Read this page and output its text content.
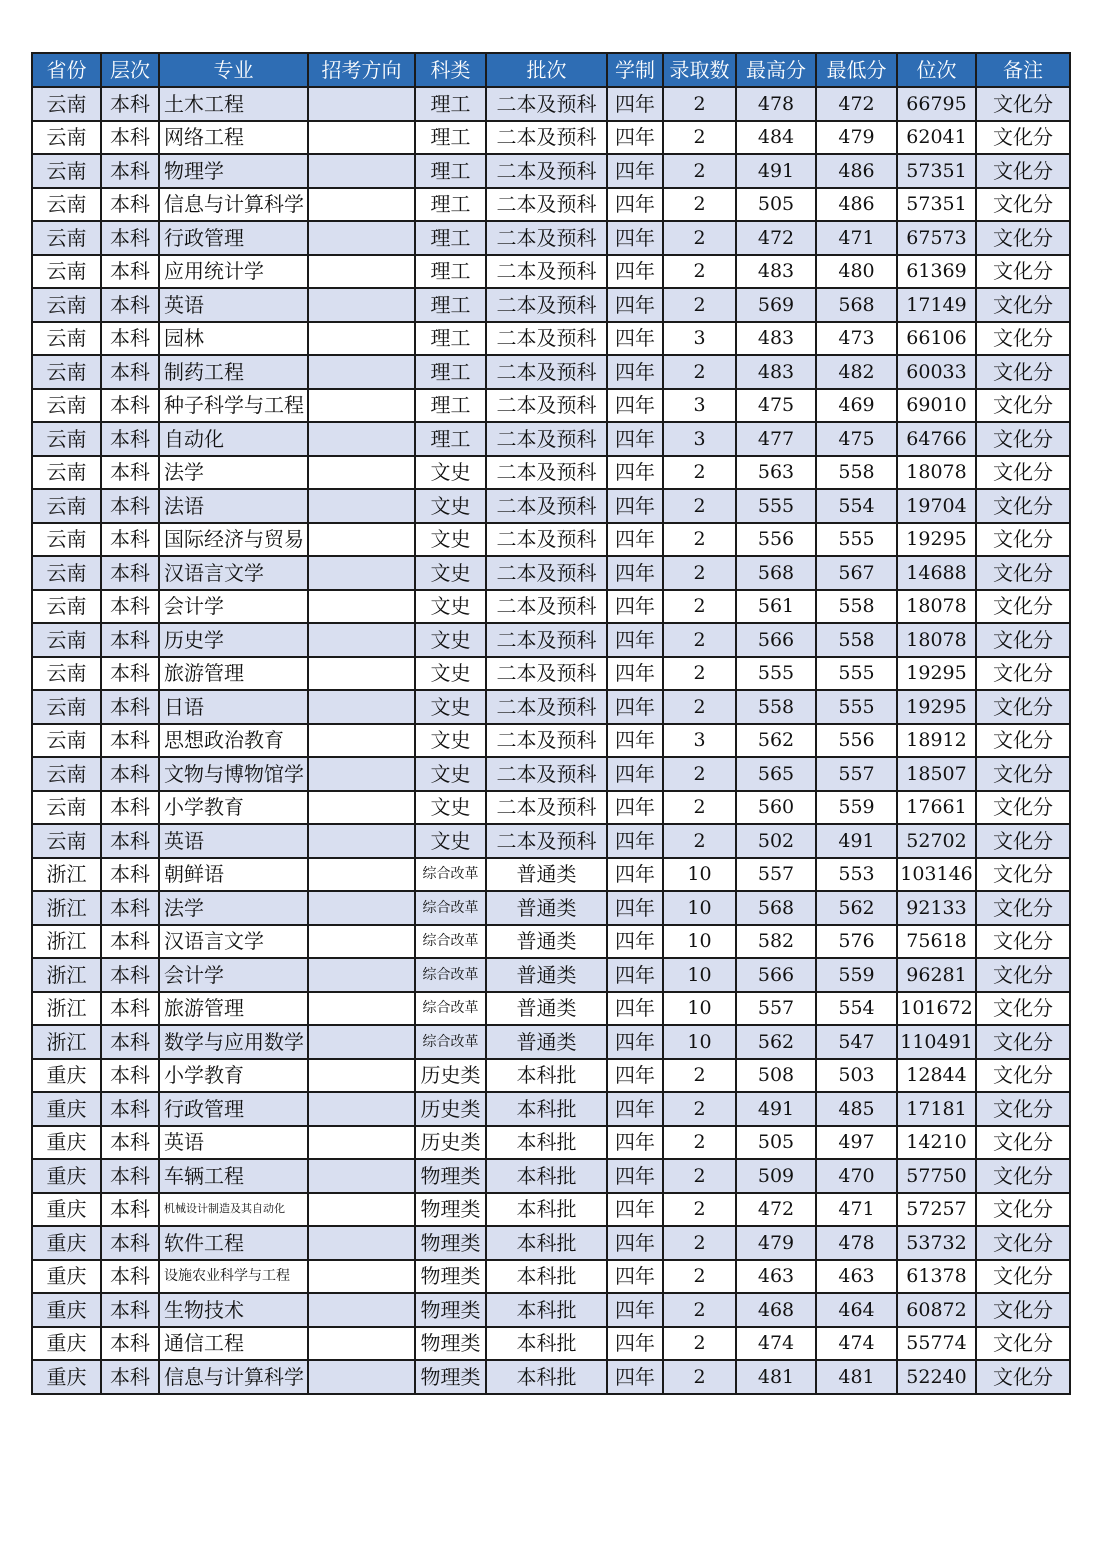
省份	层次	专业	招考方向	科类	批次	学制	录取数	最高分	最低分	位次	备注
云南	本科	土木工程		理工	二本及预科	四年	2	478	472	66795	文化分
云南	本科	网络工程		理工	二本及预科	四年	2	484	479	62041	文化分
云南	本科	物理学		理工	二本及预科	四年	2	491	486	57351	文化分
云南	本科	信息与计算科学		理工	二本及预科	四年	2	505	486	57351	文化分
云南	本科	行政管理		理工	二本及预科	四年	2	472	471	67573	文化分
云南	本科	应用统计学		理工	二本及预科	四年	2	483	480	61369	文化分
云南	本科	英语		理工	二本及预科	四年	2	569	568	17149	文化分
云南	本科	园林		理工	二本及预科	四年	3	483	473	66106	文化分
云南	本科	制药工程		理工	二本及预科	四年	2	483	482	60033	文化分
云南	本科	种子科学与工程		理工	二本及预科	四年	3	475	469	69010	文化分
云南	本科	自动化		理工	二本及预科	四年	3	477	475	64766	文化分
云南	本科	法学		文史	二本及预科	四年	2	563	558	18078	文化分
云南	本科	法语		文史	二本及预科	四年	2	555	554	19704	文化分
云南	本科	国际经济与贸易		文史	二本及预科	四年	2	556	555	19295	文化分
云南	本科	汉语言文学		文史	二本及预科	四年	2	568	567	14688	文化分
云南	本科	会计学		文史	二本及预科	四年	2	561	558	18078	文化分
云南	本科	历史学		文史	二本及预科	四年	2	566	558	18078	文化分
云南	本科	旅游管理		文史	二本及预科	四年	2	555	555	19295	文化分
云南	本科	日语		文史	二本及预科	四年	2	558	555	19295	文化分
云南	本科	思想政治教育		文史	二本及预科	四年	3	562	556	18912	文化分
云南	本科	文物与博物馆学		文史	二本及预科	四年	2	565	557	18507	文化分
云南	本科	小学教育		文史	二本及预科	四年	2	560	559	17661	文化分
云南	本科	英语		文史	二本及预科	四年	2	502	491	52702	文化分
浙江	本科	朝鲜语		综合改革	普通类	四年	10	557	553	103146	文化分
浙江	本科	法学		综合改革	普通类	四年	10	568	562	92133	文化分
浙江	本科	汉语言文学		综合改革	普通类	四年	10	582	576	75618	文化分
浙江	本科	会计学		综合改革	普通类	四年	10	566	559	96281	文化分
浙江	本科	旅游管理		综合改革	普通类	四年	10	557	554	101672	文化分
浙江	本科	数学与应用数学		综合改革	普通类	四年	10	562	547	110491	文化分
重庆	本科	小学教育		历史类	本科批	四年	2	508	503	12844	文化分
重庆	本科	行政管理		历史类	本科批	四年	2	491	485	17181	文化分
重庆	本科	英语		历史类	本科批	四年	2	505	497	14210	文化分
重庆	本科	车辆工程		物理类	本科批	四年	2	509	470	57750	文化分
重庆	本科	机械设计制造及其自动化		物理类	本科批	四年	2	472	471	57257	文化分
重庆	本科	软件工程		物理类	本科批	四年	2	479	478	53732	文化分
重庆	本科	设施农业科学与工程		物理类	本科批	四年	2	463	463	61378	文化分
重庆	本科	生物技术		物理类	本科批	四年	2	468	464	60872	文化分
重庆	本科	通信工程		物理类	本科批	四年	2	474	474	55774	文化分
重庆	本科	信息与计算科学		物理类	本科批	四年	2	481	481	52240	文化分
